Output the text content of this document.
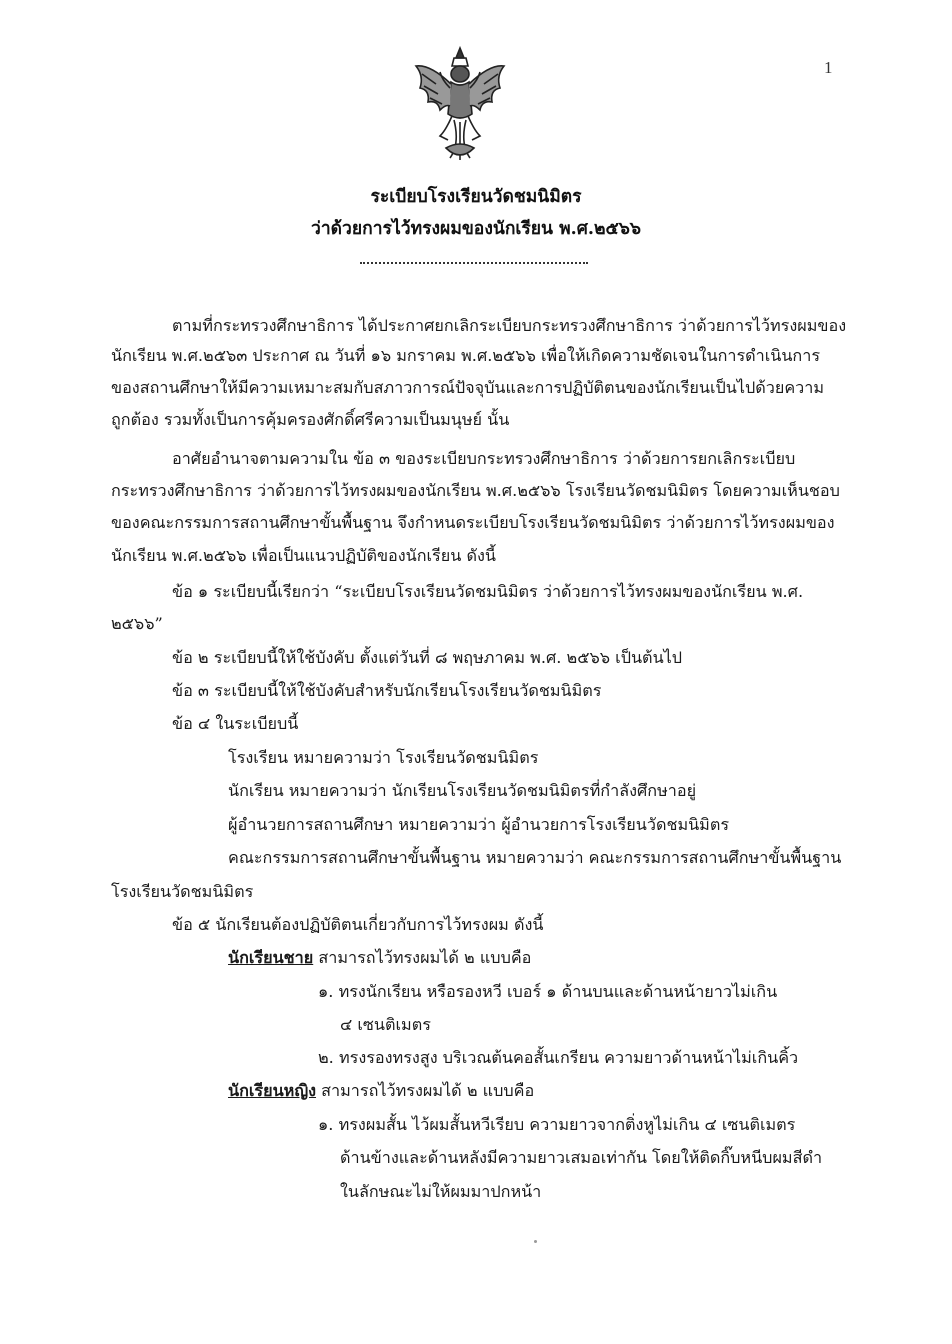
1
ระเบียบโรงเรียนวัดชมนิมิตร
ว่าด้วยการไว้ทรงผมของนักเรียน พ.ศ.๒๕๖๖
ตามที่กระทรวงศึกษาธิการ ได้ประกาศยกเลิกระเบียบกระทรวงศึกษาธิการ ว่าด้วยการไว้ทรงผมของ
นักเรียน พ.ศ.๒๕๖๓ ประกาศ ณ วันที่ ๑๖ มกราคม พ.ศ.๒๕๖๖ เพื่อให้เกิดความชัดเจนในการดำเนินการ
ของสถานศึกษาให้มีความเหมาะสมกับสภาวการณ์ปัจจุบันและการปฏิบัติตนของนักเรียนเป็นไปด้วยความ
ถูกต้อง รวมทั้งเป็นการคุ้มครองศักดิ์ศรีความเป็นมนุษย์ นั้น
อาศัยอำนาจตามความใน ข้อ ๓ ของระเบียบกระทรวงศึกษาธิการ ว่าด้วยการยกเลิกระเบียบ
กระทรวงศึกษาธิการ ว่าด้วยการไว้ทรงผมของนักเรียน พ.ศ.๒๕๖๖ โรงเรียนวัดชมนิมิตร โดยความเห็นชอบ
ของคณะกรรมการสถานศึกษาขั้นพื้นฐาน จึงกำหนดระเบียบโรงเรียนวัดชมนิมิตร ว่าด้วยการไว้ทรงผมของ
นักเรียน พ.ศ.๒๕๖๖ เพื่อเป็นแนวปฏิบัติของนักเรียน ดังนี้
ข้อ ๑ ระเบียบนี้เรียกว่า “ระเบียบโรงเรียนวัดชมนิมิตร ว่าด้วยการไว้ทรงผมของนักเรียน พ.ศ.
๒๕๖๖”
ข้อ ๒ ระเบียบนี้ให้ใช้บังคับ ตั้งแต่วันที่ ๘ พฤษภาคม พ.ศ. ๒๕๖๖ เป็นต้นไป
ข้อ ๓ ระเบียบนี้ให้ใช้บังคับสำหรับนักเรียนโรงเรียนวัดชมนิมิตร
ข้อ ๔ ในระเบียบนี้
โรงเรียน หมายความว่า โรงเรียนวัดชมนิมิตร
นักเรียน หมายความว่า นักเรียนโรงเรียนวัดชมนิมิตรที่กำลังศึกษาอยู่
ผู้อำนวยการสถานศึกษา หมายความว่า ผู้อำนวยการโรงเรียนวัดชมนิมิตร
คณะกรรมการสถานศึกษาขั้นพื้นฐาน หมายความว่า คณะกรรมการสถานศึกษาขั้นพื้นฐาน
โรงเรียนวัดชมนิมิตร
ข้อ ๕ นักเรียนต้องปฏิบัติตนเกี่ยวกับการไว้ทรงผม ดังนี้
นักเรียนชาย สามารถไว้ทรงผมได้ ๒ แบบคือ
๑. ทรงนักเรียน หรือรองหวี เบอร์ ๑ ด้านบนและด้านหน้ายาวไม่เกิน
๔ เซนติเมตร
๒. ทรงรองทรงสูง บริเวณต้นคอสั้นเกรียน ความยาวด้านหน้าไม่เกินคิ้ว
นักเรียนหญิง สามารถไว้ทรงผมได้ ๒ แบบคือ
๑. ทรงผมสั้น ไว้ผมสั้นหวีเรียบ ความยาวจากติ่งหูไม่เกิน ๔ เซนติเมตร
ด้านข้างและด้านหลังมีความยาวเสมอเท่ากัน โดยให้ติดกิ๊บหนีบผมสีดำ
ในลักษณะไม่ให้ผมมาปกหน้า
